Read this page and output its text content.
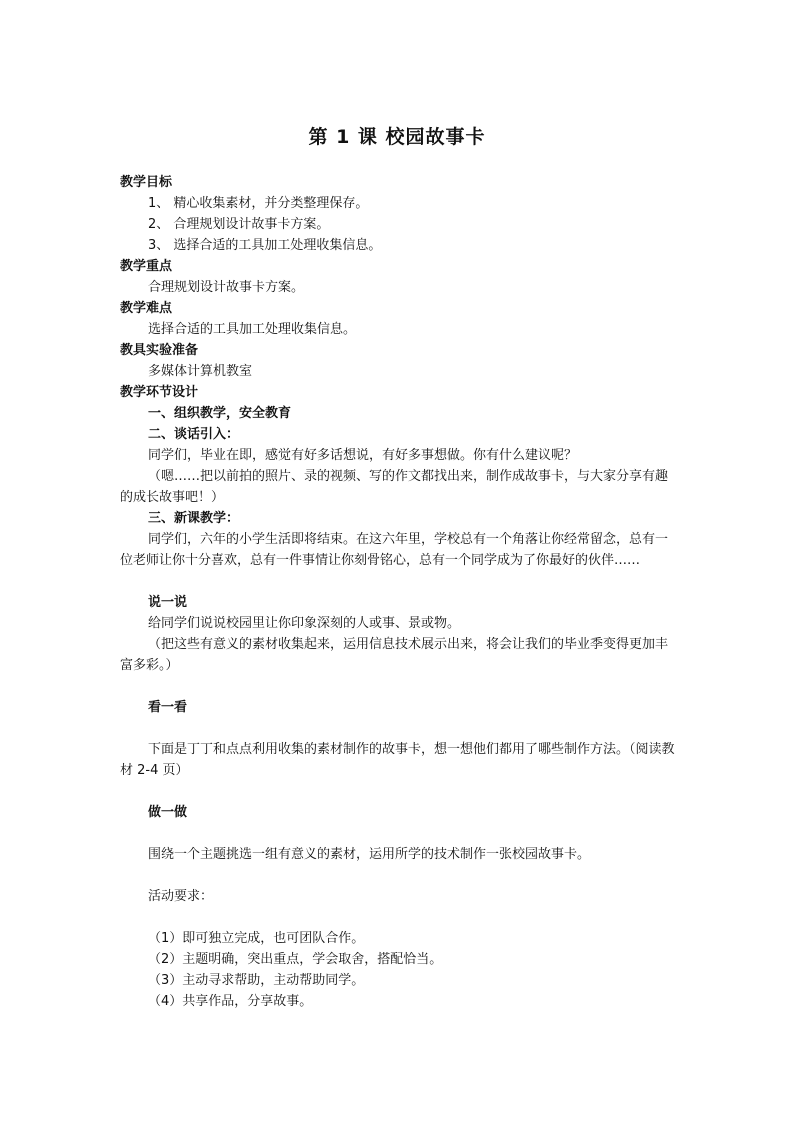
第 1 课 校园故事卡

教学目标

1、 精心收集素材，并分类整理保存。

2、 合理规划设计故事卡方案。

3、 选择合适的工具加工处理收集信息。

教学重点

合理规划设计故事卡方案。

教学难点

选择合适的工具加工处理收集信息。

教具实验准备

多媒体计算机教室

教学环节设计

一、组织教学，安全教育

二、谈话引入：

同学们，毕业在即，感觉有好多话想说，有好多事想做。你有什么建议呢？

（嗯……把以前拍的照片、录的视频、写的作文都找出来，制作成故事卡，与大家分享有趣的成长故事吧！）

三、新课教学：

同学们，六年的小学生活即将结束。在这六年里，学校总有一个角落让你经常留念，总有一位老师让你十分喜欢，总有一件事情让你刻骨铭心，总有一个同学成为了你最好的伙伴……

说一说

给同学们说说校园里让你印象深刻的人或事、景或物。

（把这些有意义的素材收集起来，运用信息技术展示出来，将会让我们的毕业季变得更加丰富多彩。）

看一看

下面是丁丁和点点利用收集的素材制作的故事卡，想一想他们都用了哪些制作方法。（阅读教材 2-4 页）

做一做

围绕一个主题挑选一组有意义的素材，运用所学的技术制作一张校园故事卡。

活动要求：

（1）即可独立完成，也可团队合作。

（2）主题明确，突出重点，学会取舍，搭配恰当。

（3）主动寻求帮助，主动帮助同学。

（4）共享作品，分享故事。
